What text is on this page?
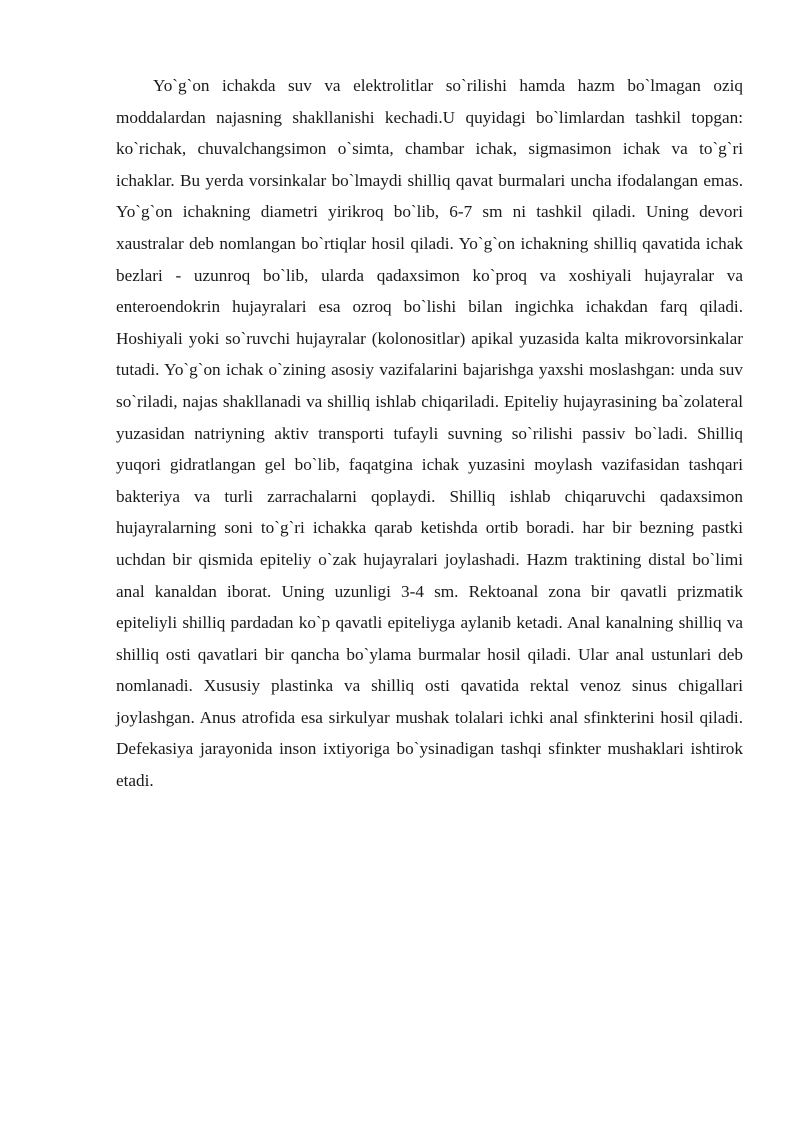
Yo`g`on ichakda suv va elektrolitlar so`rilishi hamda hazm bo`lmagan oziq moddalardan najasning shakllanishi kechadi.U quyidagi bo`limlardan tashkil topgan: ko`richak, chuvalchangsimon o`simta, chambar ichak, sigmasimon ichak va to`g`ri ichaklar. Bu yerda vorsinkalar bo`lmaydi shilliq qavat burmalari uncha ifodalangan emas. Yo`g`on ichakning diametri yirikroq bo`lib, 6-7 sm ni tashkil qiladi. Uning devori xaustralar deb nomlangan bo`rtiqlar hosil qiladi. Yo`g`on ichakning shilliq qavatida ichak bezlari - uzunroq bo`lib, ularda qadaxsimon ko`proq va xoshiyali hujayralar va enteroendokrin hujayralari esa ozroq bo`lishi bilan ingichka ichakdan farq qiladi. Hoshiyali yoki so`ruvchi hujayralar (kolonositlar) apikal yuzasida kalta mikrovorsinkalar tutadi. Yo`g`on ichak o`zining asosiy vazifalarini bajarishga yaxshi moslashgan: unda suv so`riladi, najas shakllanadi va shilliq ishlab chiqariladi. Epiteliy hujayrasining ba`zolateral yuzasidan natriyning aktiv transporti tufayli suvning so`rilishi passiv bo`ladi. Shilliq yuqori gidratlangan gel bo`lib, faqatgina ichak yuzasini moylash vazifasidan tashqari bakteriya va turli zarrachalarni qoplaydi. Shilliq ishlab chiqaruvchi qadaxsimon hujayralarning soni to`g`ri ichakka qarab ketishda ortib boradi. har bir bezning pastki uchdan bir qismida epiteliy o`zak hujayralari joylashadi. Hazm traktining distal bo`limi anal kanaldan iborat. Uning uzunligi 3-4 sm. Rektoanal zona bir qavatli prizmatik epiteliyli shilliq pardadan ko`p qavatli epiteliyga aylanib ketadi. Anal kanalning shilliq va shilliq osti qavatlari bir qancha bo`ylama burmalar hosil qiladi. Ular anal ustunlari deb nomlanadi. Xususiy plastinka va shilliq osti qavatida rektal venoz sinus chigallari joylashgan. Anus atrofida esa sirkulyar mushak tolalari ichki anal sfinkterini hosil qiladi. Defekasiya jarayonida inson ixtiyoriga bo`ysinadigan tashqi sfinkter mushaklari ishtirok etadi.
